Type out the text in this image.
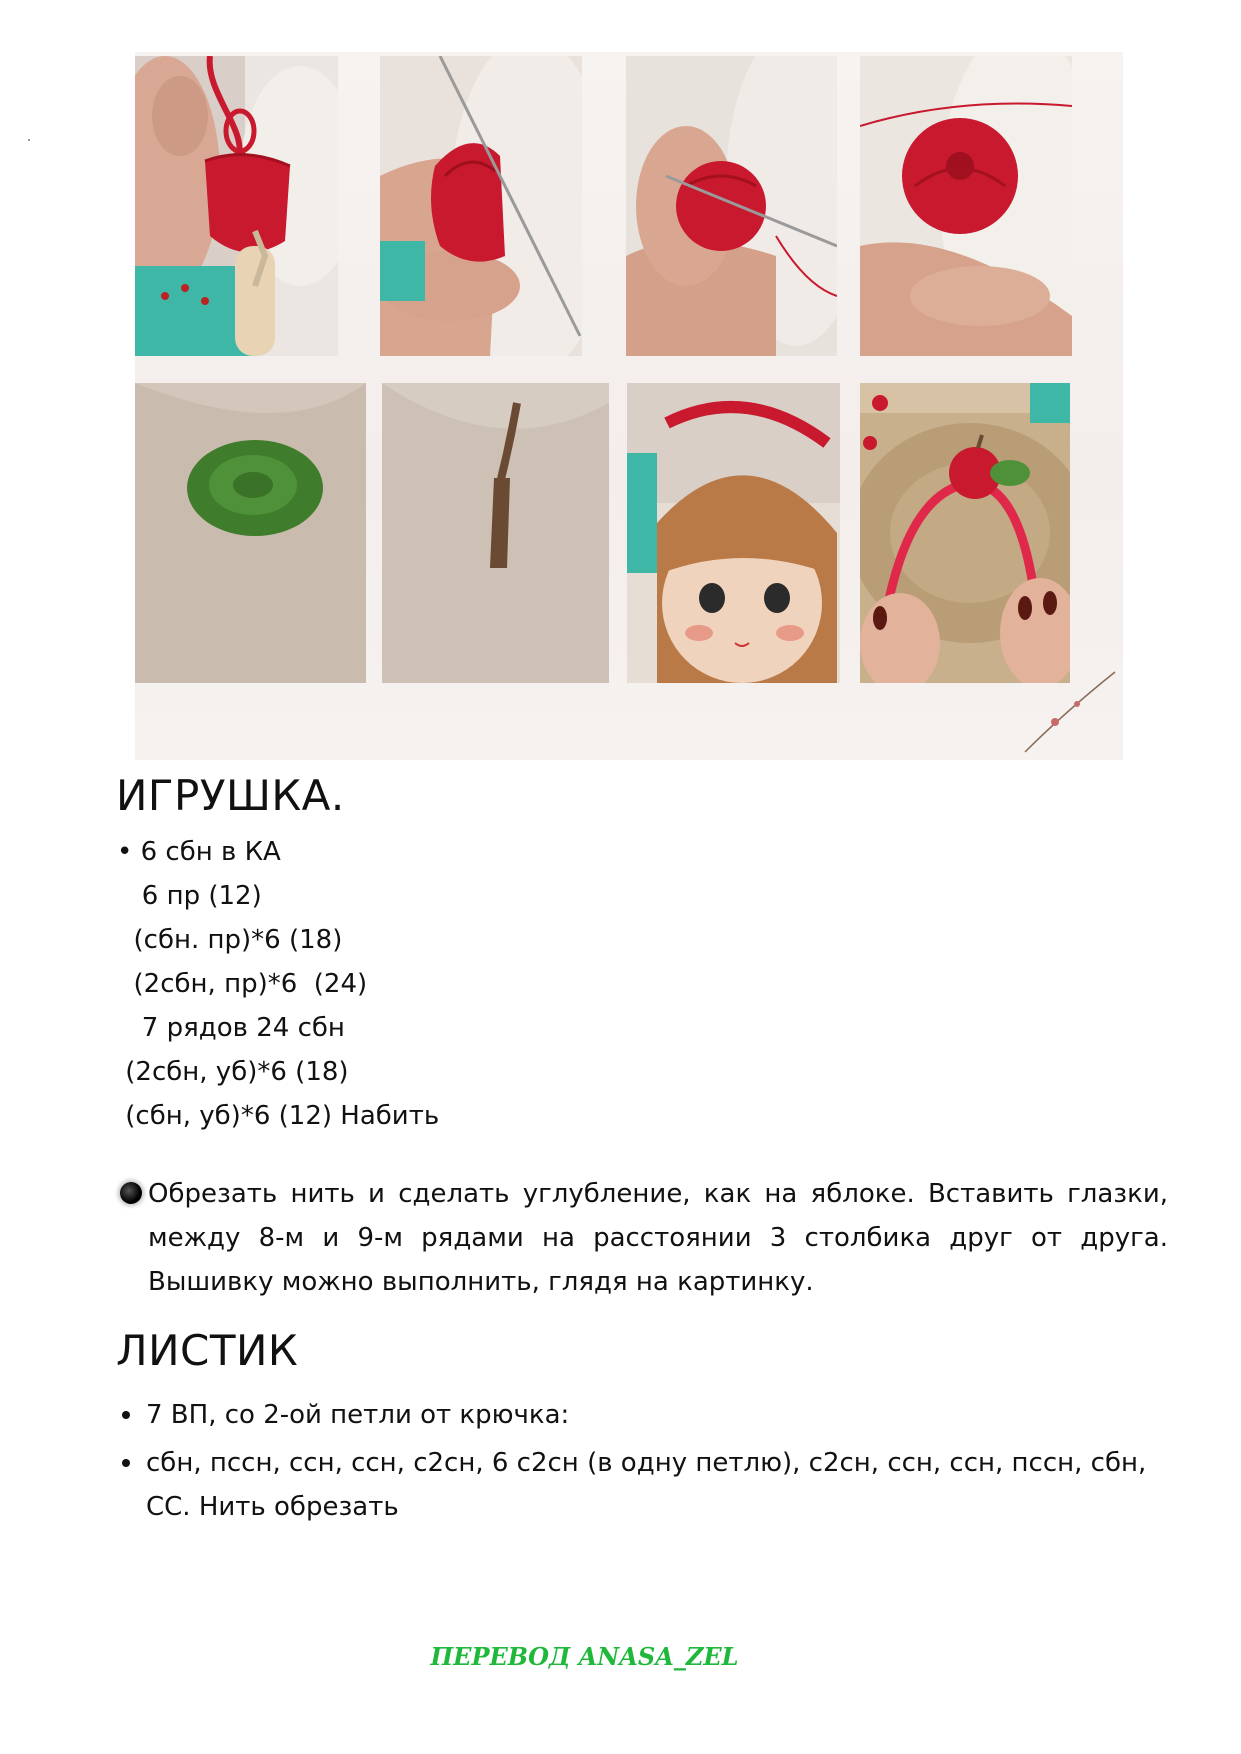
ИГРУШКА.
• 6 сбн в КА
6 пр (12)
(сбн. пр)*6 (18)
(2сбн, пр)*6  (24)
7 рядов 24 сбн
(2сбн, уб)*6 (18)
(сбн, уб)*6 (12) Набить
Обрезать нить и сделать углубление, как на яблоке. Вставить глазки, между 8-м и 9-м рядами на расстоянии 3 столбика друг от друга. Вышивку можно выполнить, глядя на картинку.
ЛИСТИК
7 ВП, со 2-ой петли от крючка:
сбн, пссн, ссн, ссн, с2сн, 6 с2сн (в одну петлю), с2сн, ссн, ссн, пссн, сбн, СС. Нить обрезать
ПЕРЕВОД ANASA_ZEL
